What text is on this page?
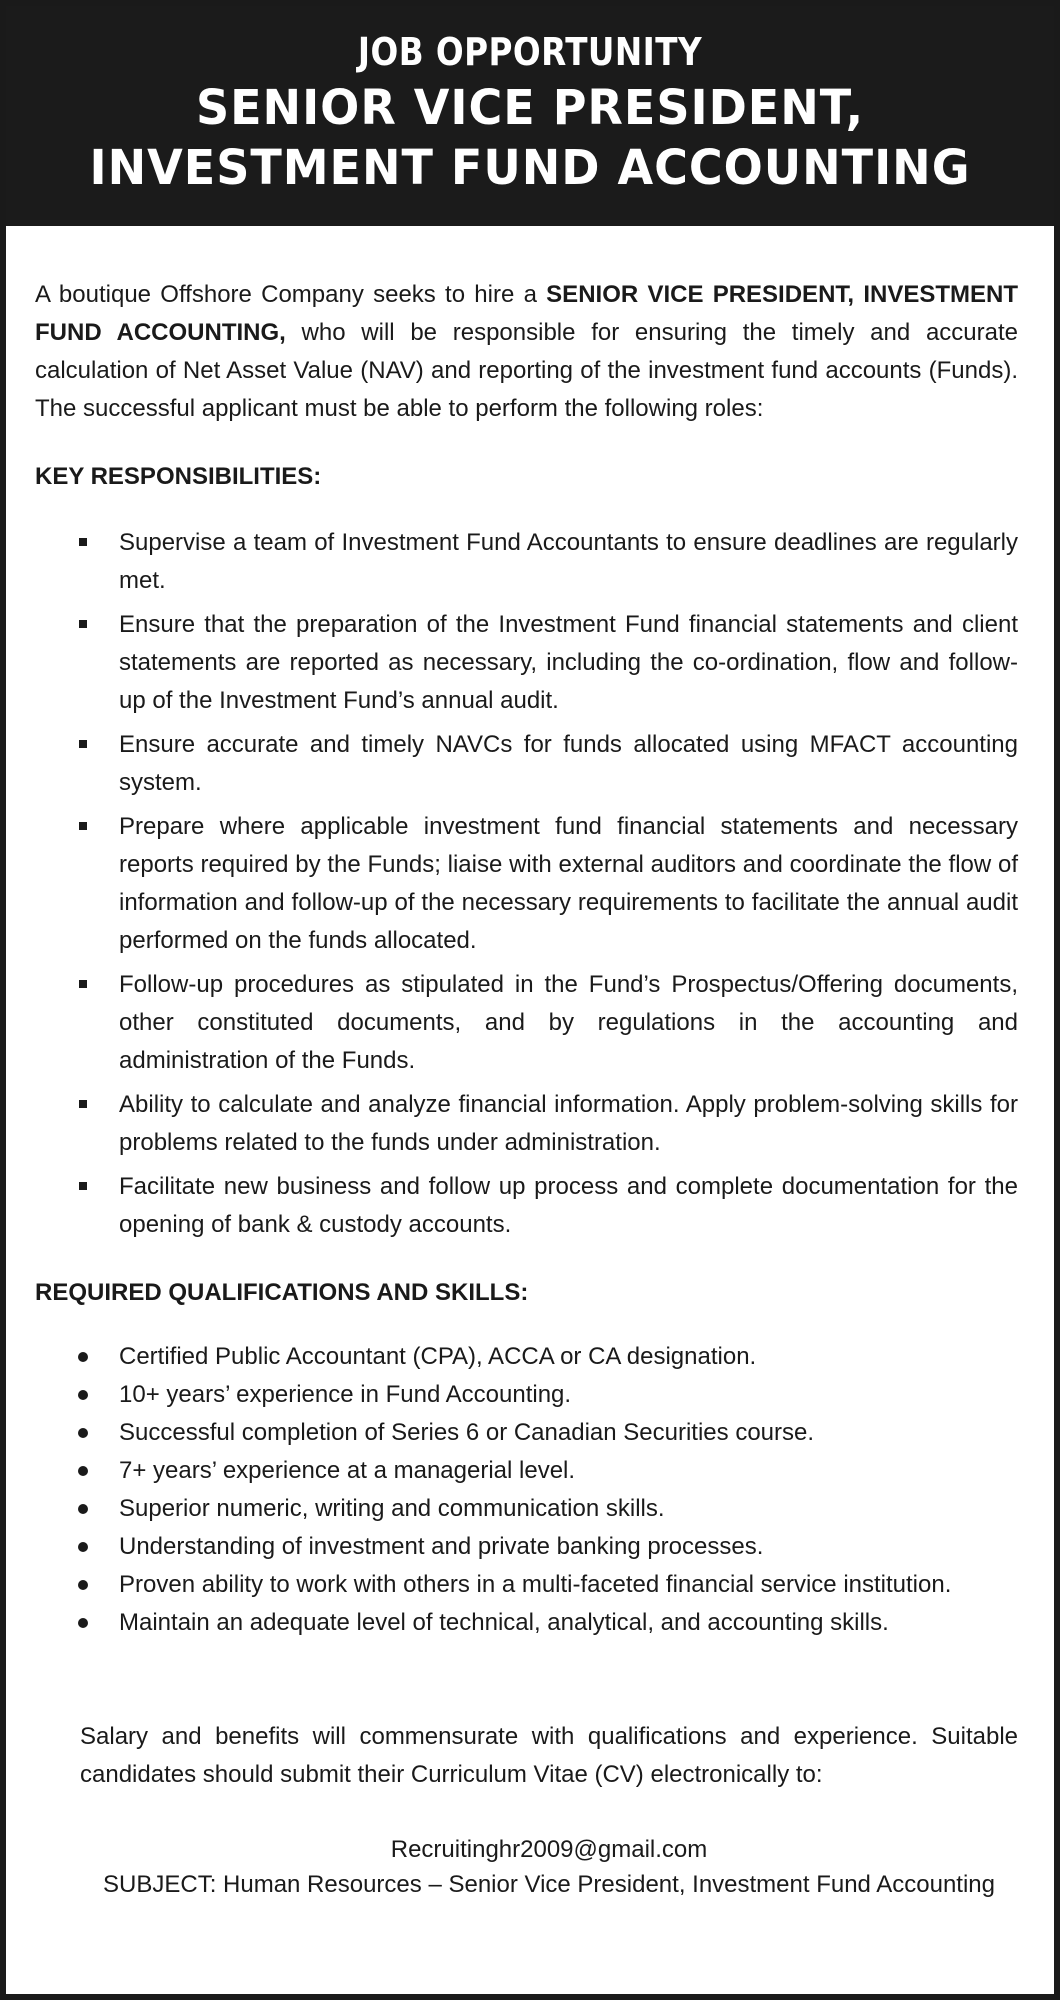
JOB OPPORTUNITY
SENIOR VICE PRESIDENT,
INVESTMENT FUND ACCOUNTING

A boutique Offshore Company seeks to hire a SENIOR VICE PRESIDENT, INVESTMENT FUND ACCOUNTING, who will be responsible for ensuring the timely and accurate calculation of Net Asset Value (NAV) and reporting of the investment fund accounts (Funds). The successful applicant must be able to perform the following roles:

KEY RESPONSIBILITIES:
Supervise a team of Investment Fund Accountants to ensure deadlines are regularly met.
Ensure that the preparation of the Investment Fund financial statements and client statements are reported as necessary, including the co-ordination, flow and follow-up of the Investment Fund’s annual audit.
Ensure accurate and timely NAVCs for funds allocated using MFACT accounting system.
Prepare where applicable investment fund financial statements and necessary reports required by the Funds; liaise with external auditors and coordinate the flow of information and follow-up of the necessary requirements to facilitate the annual audit performed on the funds allocated.
Follow-up procedures as stipulated in the Fund’s Prospectus/Offering documents, other constituted documents, and by regulations in the accounting and administration of the Funds.
Ability to calculate and analyze financial information. Apply problem-solving skills for problems related to the funds under administration.
Facilitate new business and follow up process and complete documentation for the opening of bank & custody accounts.
REQUIRED QUALIFICATIONS AND SKILLS:
Certified Public Accountant (CPA), ACCA or CA designation.
10+ years’ experience in Fund Accounting.
Successful completion of Series 6 or Canadian Securities course.
7+ years’ experience at a managerial level.
Superior numeric, writing and communication skills.
Understanding of investment and private banking processes.
Proven ability to work with others in a multi-faceted financial service institution.
Maintain an adequate level of technical, analytical, and accounting skills.

Salary and benefits will commensurate with qualifications and experience. Suitable candidates should submit their Curriculum Vitae (CV) electronically to:

Recruitinghr2009@gmail.com
SUBJECT: Human Resources – Senior Vice President, Investment Fund Accounting
